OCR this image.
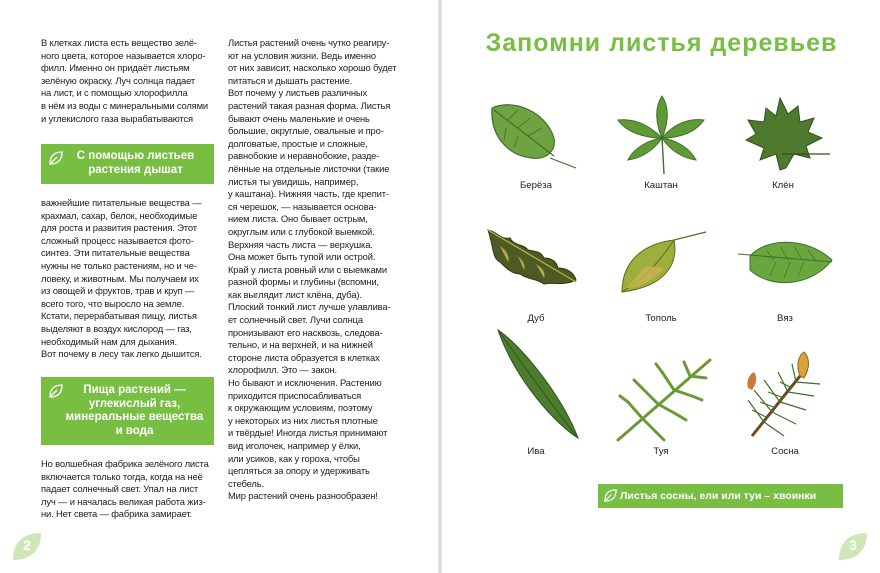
В клетках листа есть вещество зелё-
ного цвета, которое называется хлоро-
филл. Именно он придаёт листьям
зелёную окраску. Луч солнца падает
на лист, и с помощью хлорофилла
в нём из воды с минеральными солями
и углекислого газа вырабатываются

С помощью листьев
растения дышат

важнейшие питательные вещества —
крахмал, сахар, белок, необходимые
для роста и развития растения. Этот
сложный процесс называется фото-
синтез. Эти питательные вещества
нужны не только растениям, но и че-
ловеку, и животным. Мы получаем их
из овощей и фруктов, трав и круп —
всего того, что выросло на земле.
Кстати, перерабатывая пищу, листья
выделяют в воздух кислород — газ,
необходимый нам для дыхания.
Вот почему в лесу так легко дышится.

Пища растений —
углекислый газ,
минеральные вещества
и вода

Но волшебная фабрика зелёного листа
включается только тогда, когда на неё
падает солнечный свет. Упал на лист
луч — и началась великая работа жиз-
ни. Нет света — фабрика замирает.

Листья растений очень чутко реагиру-
ют на условия жизни. Ведь именно
от них зависит, насколько хорошо будет
питаться и дышать растение.
Вот почему у листьев различных
растений такая разная форма. Листья
бывают очень маленькие и очень
большие, округлые, овальные и про-
долговатые, простые и сложные,
равнобокие и неравнобокие, разде-
лённые на отдельные листочки (такие
листья ты увидишь, например,
у каштана). Нижняя часть, где крепит-
ся черешок, — называется основа-
нием листа. Оно бывает острым,
округлым или с глубокой выемкой.
Верхняя часть листа — верхушка.
Она может быть тупой или острой.
Край у листа ровный или с выемками
разной формы и глубины (вспомни,
как выглядит лист клёна, дуба).
Плоский тонкий лист лучше улавлива-
ет солнечный свет. Лучи солнца
пронизывают его насквозь, следова-
тельно, и на верхней, и на нижней
стороне листа образуется в клетках
хлорофилл. Это — закон.
Но бывают и исключения. Растению
приходится приспосабливаться
к окружающим условиям, поэтому
у некоторых из них листья плотные
и твёрдые! Иногда листья принимают
вид иголочек, например у ёлки,
или усиков, как у гороха, чтобы
цепляться за опору и удерживать
стебель.
Мир растений очень разнообразен!

2
Запомни листья деревьев
Берёза	Каштан	Клён
Дуб	Тополь	Вяз
Ива	Туя	Сосна
Листья сосны, ели или туи – хвоинки
3
